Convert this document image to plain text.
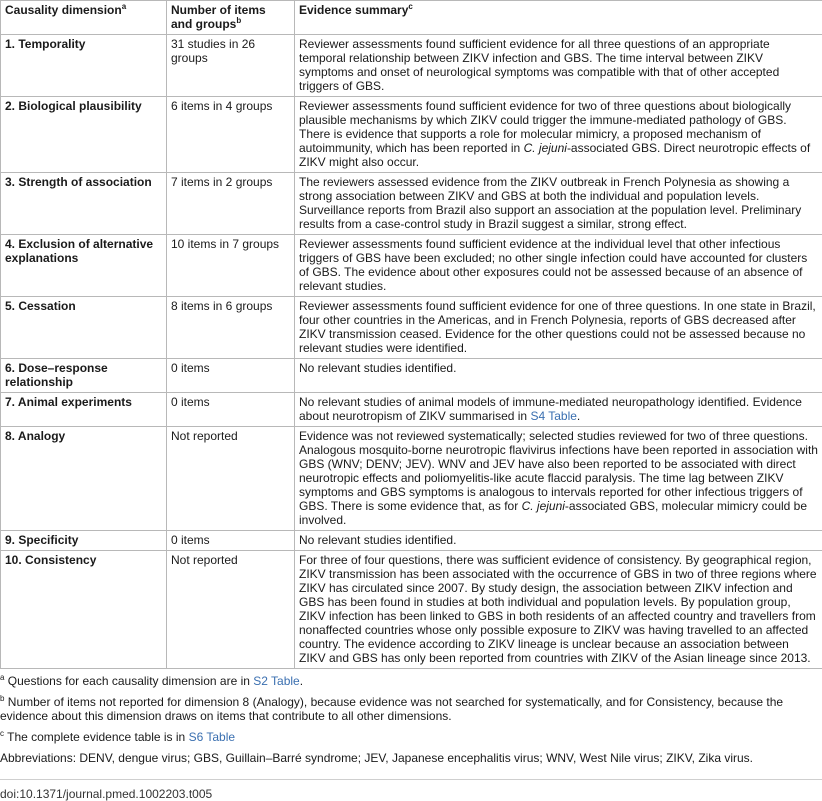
Causality dimension$^a$	Number of items and groups$^b$	Evidence summary$^c$
1. Temporality	31 studies in 26 groups	Reviewer assessments found sufficient evidence for all three questions of an appropriate temporal relationship between ZIKV infection and GBS. The time interval between ZIKV symptoms and onset of neurological symptoms was compatible with that of other accepted triggers of GBS.
2. Biological plausibility	6 items in 4 groups	Reviewer assessments found sufficient evidence for two of three questions about biologically plausible mechanisms by which ZIKV could trigger the immune-mediated pathology of GBS. There is evidence that supports a role for molecular mimicry, a proposed mechanism of autoimmunity, which has been reported in C. jejuni-associated GBS. Direct neurotropic effects of ZIKV might also occur.
3. Strength of association	7 items in 2 groups	The reviewers assessed evidence from the ZIKV outbreak in French Polynesia as showing a strong association between ZIKV and GBS at both the individual and population levels. Surveillance reports from Brazil also support an association at the population level. Preliminary results from a case-control study in Brazil suggest a similar, strong effect.
4. Exclusion of alternative explanations	10 items in 7 groups	Reviewer assessments found sufficient evidence at the individual level that other infectious triggers of GBS have been excluded; no other single infection could have accounted for clusters of GBS. The evidence about other exposures could not be assessed because of an absence of relevant studies.
5. Cessation	8 items in 6 groups	Reviewer assessments found sufficient evidence for one of three questions. In one state in Brazil, four other countries in the Americas, and in French Polynesia, reports of GBS decreased after ZIKV transmission ceased. Evidence for the other questions could not be assessed because no relevant studies were identified.
6. Dose–response relationship	0 items	No relevant studies identified.
7. Animal experiments	0 items	No relevant studies of animal models of immune-mediated neuropathology identified. Evidence about neurotropism of ZIKV summarised in S4 Table.
8. Analogy	Not reported	Evidence was not reviewed systematically; selected studies reviewed for two of three questions. Analogous mosquito-borne neurotropic flavivirus infections have been reported in association with GBS (WNV; DENV; JEV). WNV and JEV have also been reported to be associated with direct neurotropic effects and poliomyelitis-like acute flaccid paralysis. The time lag between ZIKV symptoms and GBS symptoms is analogous to intervals reported for other infectious triggers of GBS. There is some evidence that, as for C. jejuni-associated GBS, molecular mimicry could be involved.
9. Specificity	0 items	No relevant studies identified.
10. Consistency	Not reported	For three of four questions, there was sufficient evidence of consistency. By geographical region, ZIKV transmission has been associated with the occurrence of GBS in two of three regions where ZIKV has circulated since 2007. By study design, the association between ZIKV infection and GBS has been found in studies at both individual and population levels. By population group, ZIKV infection has been linked to GBS in both residents of an affected country and travellers from nonaffected countries whose only possible exposure to ZIKV was having travelled to an affected country. The evidence according to ZIKV lineage is unclear because an association between ZIKV and GBS has only been reported from countries with ZIKV of the Asian lineage since 2013.

$^a$ Questions for each causality dimension are in S2 Table.

$^b$ Number of items not reported for dimension 8 (Analogy), because evidence was not searched for systematically, and for Consistency, because the evidence about this dimension draws on items that contribute to all other dimensions.

$^c$ The complete evidence table is in S6 Table

Abbreviations: DENV, dengue virus; GBS, Guillain–Barré syndrome; JEV, Japanese encephalitis virus; WNV, West Nile virus; ZIKV, Zika virus.

doi:10.1371/journal.pmed.1002203.t005
